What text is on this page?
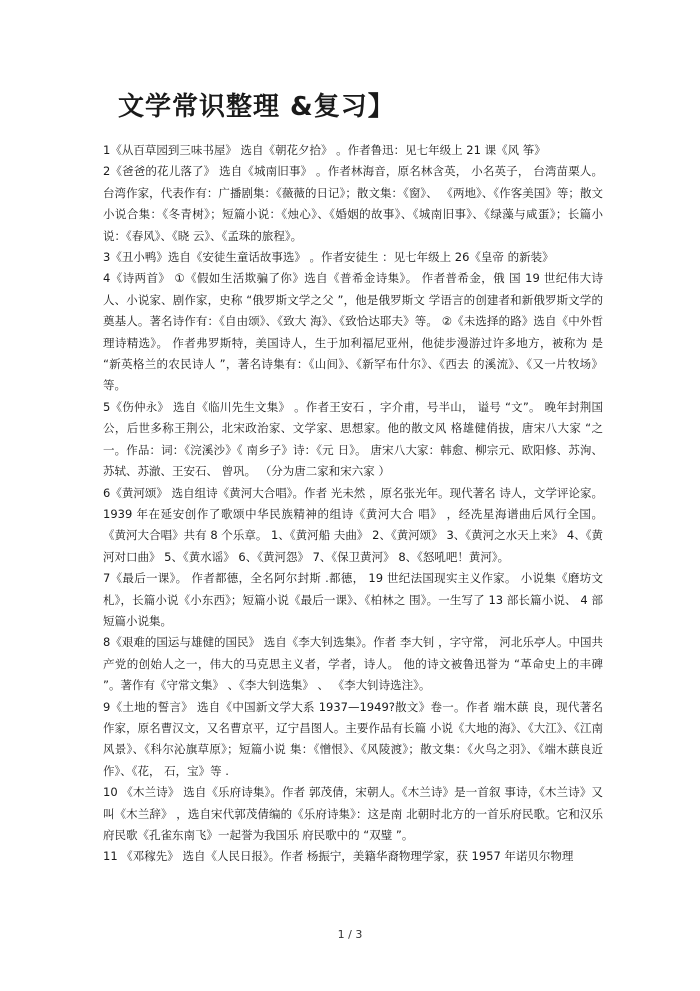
文学常识整理 &复习】

1《从百草园到三味书屋》 选自《朝花夕拾》 。作者鲁迅：见七年级上 21 课《风 筝》

2《爸爸的花儿落了》 选自《城南旧事》 。作者林海音，原名林含英， 小名英子， 台湾苗栗人。 台湾作家，代表作有：广播剧集：《薇薇的日记》；散文集：《窗》、 《两地》、《作客美国》等；散文小说合集：《冬青树》；短篇小说：《烛心》、《婚姻的故事》、《城南旧事》、《绿藻与咸蛋》；长篇小说：《春风》、《晓 云》、《孟珠的旅程》。

3《丑小鸭》选自《安徒生童话故事选》 。作者安徒生 ：见七年级上 26《皇帝 的新装》

4《诗两首》 ①《假如生活欺骗了你》选自《普希金诗集》。 作者普希金，俄 国 19 世纪伟大诗人、小说家、剧作家，史称 “俄罗斯文学之父 ”，他是俄罗斯文 学语言的创建者和新俄罗斯文学的奠基人。著名诗作有：《自由颂》、《致大 海》、《致恰达耶夫》等。 ②《未选择的路》选自《中外哲理诗精选》。 作者弗罗斯特，美国诗人，生于加利福尼亚州，他徒步漫游过许多地方，被称为 是 “新英格兰的农民诗人 ”，著名诗集有：《山间》、《新罕布什尔》、《西去 的溪流》、《又一片牧场》等。

5《伤仲永》 选自《临川先生文集》 。作者王安石 ，字介甫，号半山， 谥号 “文”。 晚年封荆国公，后世多称王荆公，北宋政治家、文学家、思想家。他的散文风 格雄健俏拔，唐宋八大家 “之一。作品：词：《浣溪沙》《 南乡子》诗：《元 日》。 唐宋八大家：韩愈、柳宗元、欧阳修、苏洵、苏轼、苏澈、王安石、 曾巩。 （分为唐二家和宋六家 ）

6《黄河颂》 选自组诗《黄河大合唱》。作者 光未然 ，原名张光年。现代著名 诗人，文学评论家。 1939 年在延安创作了歌颂中华民族精神的组诗《黄河大合 唱》 ，经冼星海谱曲后风行全国。 《黄河大合唱》共有 8 个乐章。 1、《黄河船 夫曲》 2、《黄河颂》 3、《黄河之水天上来》 4、《黄河对口曲》 5、《黄水谣》 6、《黄河怨》 7、《保卫黄河》 8、《怒吼吧！黄河》。

7《最后一课》。 作者都德，全名阿尔封斯 .都德， 19 世纪法国现实主义作家。 小说集《磨坊文札》，长篇小说《小东西》；短篇小说《最后一课》、《柏林之 围》。一生写了 13 部长篇小说、 4 部短篇小说集。

8《艰难的国运与雄健的国民》 选自《李大钊选集》。作者 李大钊 ，字守常， 河北乐亭人。中国共产党的创始人之一，伟大的马克思主义者，学者，诗人。 他的诗文被鲁迅誉为 “革命史上的丰碑 ”。著作有《守常文集》 、《李大钊选集》 、 《李大钊诗选注》。

9《土地的誓言》 选自《中国新文学大系 1937—1949?散文》卷一。作者 端木蕻 良，现代著名作家，原名曹汉文，又名曹京平，辽宁昌图人。主要作品有长篇 小说《大地的海》、《大江》、《江南风景》、《科尔沁旗草原》；短篇小说 集：《憎恨》、《风陵渡》；散文集：《火鸟之羽》、《端木蕻良近作》、《花， 石，宝》等 .

10 《木兰诗》 选自《乐府诗集》。作者 郭茂倩，宋朝人。《木兰诗》是一首叙 事诗，《木兰诗》又叫《木兰辞》 ，选自宋代郭茂倩编的《乐府诗集》：这是南 北朝时北方的一首乐府民歌。它和汉乐府民歌《孔雀东南飞》一起誉为我国乐 府民歌中的 “双璧 ”。

11 《邓稼先》 选自《人民日报》。作者 杨振宁，美籍华裔物理学家，获 1957 年诺贝尔物理

1 / 3
